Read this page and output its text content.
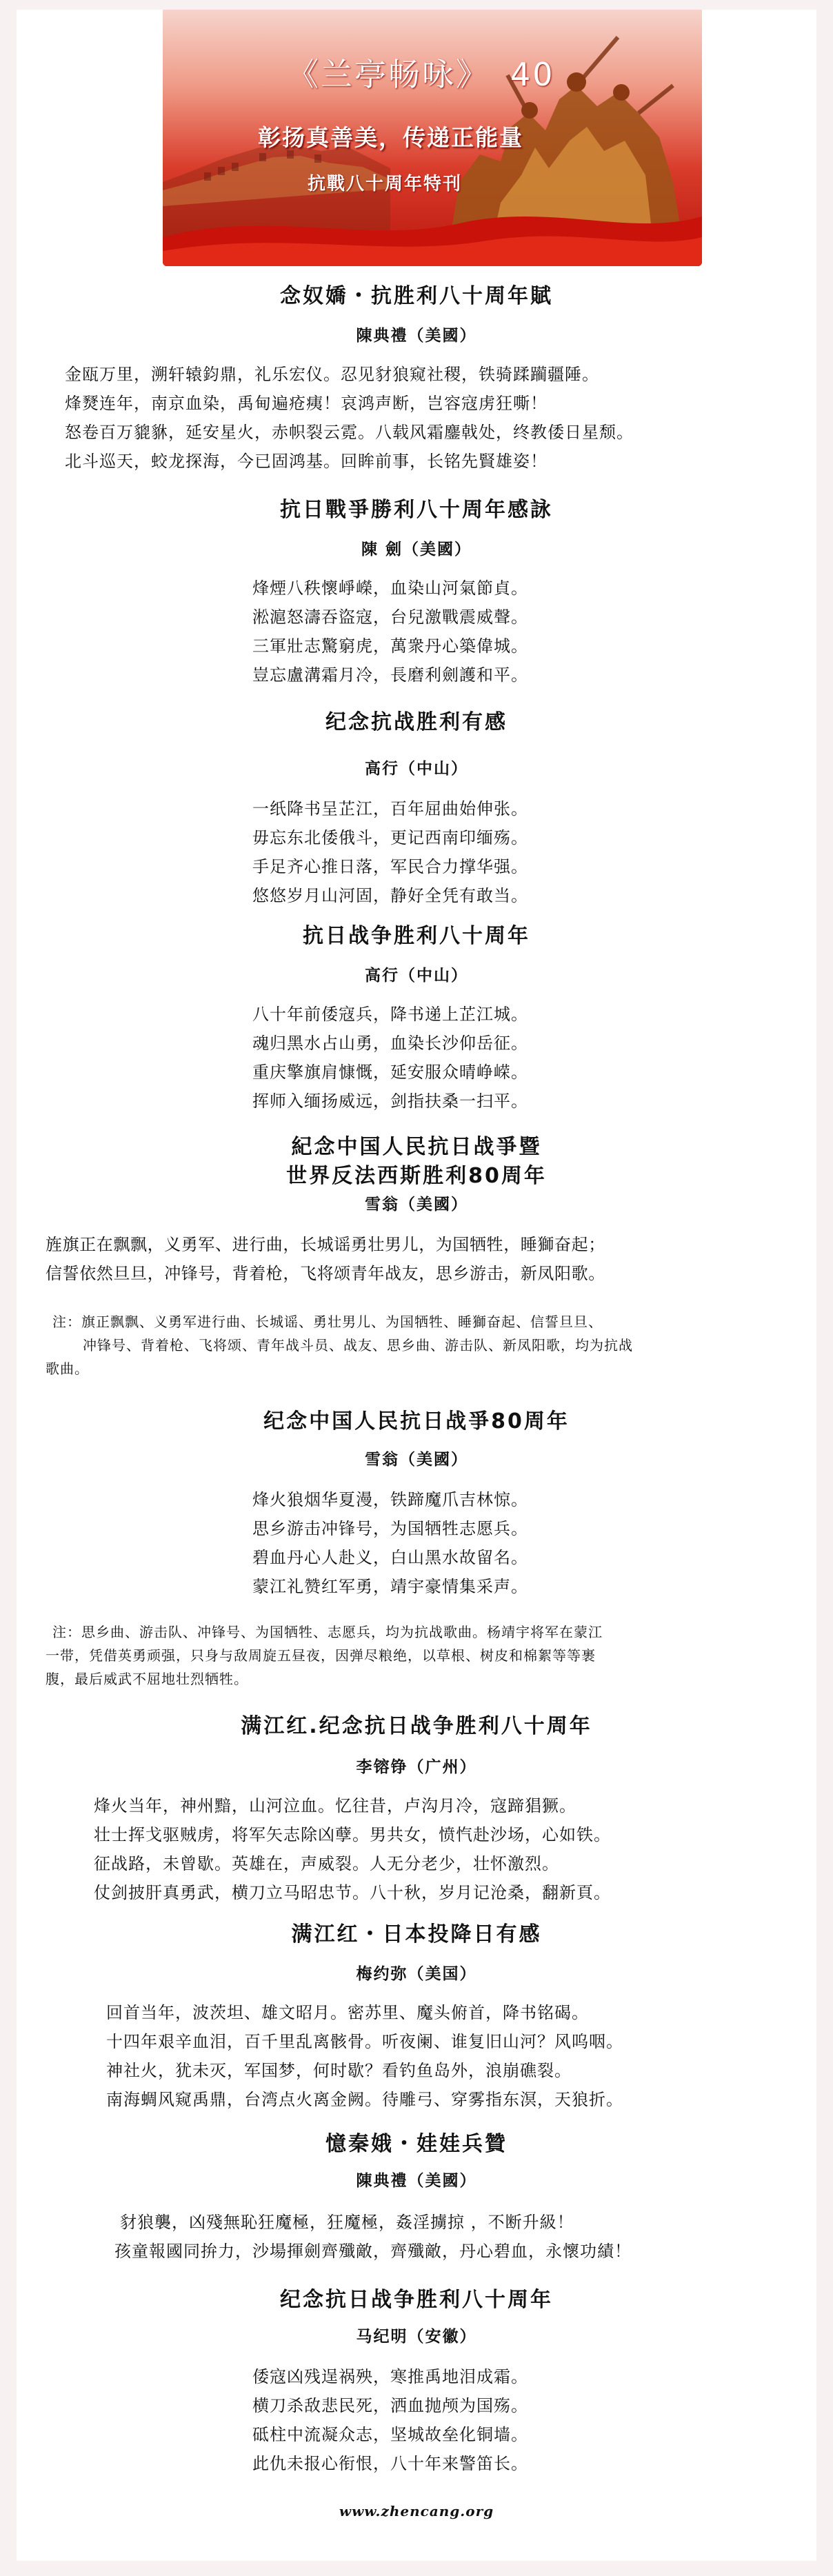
《兰亭畅咏》 40
彰扬真善美，传递正能量
抗戰八十周年特刊
念奴嬌・抗胜利八十周年賦
陳典禮（美國）
金瓯万里，溯轩辕鈞鼎，礼乐宏仪。忍见豺狼窥社稷，铁骑蹂躏疆陲。
烽燹连年，南京血染，禹甸遍疮痍！哀鸿声断，岂容寇虏狂嘶！
怒卷百万貔貅，延安星火，赤帜裂云霓。八载风霜鏖戟处，终教倭日星颓。
北斗巡天，蛟龙探海，今已固鸿基。回眸前事，长铭先賢雄姿！
抗日戰爭勝利八十周年感詠
陳 劍（美國）
烽煙八秩懷崢嶸，血染山河氣節貞。
淞滬怒濤吞盜寇，台兒激戰震威聲。
三軍壯志驚窮虎，萬衆丹心築偉城。
豈忘盧溝霜月冷，長磨利劍護和平。
纪念抗战胜利有感
高行（中山）
一纸降书呈芷江，百年屈曲始伸张。
毋忘东北倭俄斗，更记西南印缅殇。
手足齐心推日落，军民合力撑华强。
悠悠岁月山河固，静好全凭有敢当。
抗日战争胜利八十周年
高行（中山）
八十年前倭寇兵，降书递上芷江城。
魂归黑水占山勇，血染长沙仰岳征。
重庆擎旗肩慷慨，延安服众晴峥嵘。
挥师入缅扬威远，剑指扶桑一扫平。
紀念中国人民抗日战爭暨
世界反法西斯胜利80周年
雪翁（美國）
旌旗正在飘飘，义勇军、进行曲，长城谣勇壮男儿，为国牺牲，睡獅奋起；
信誓依然旦旦，冲锋号，背着枪，飞将颂青年战友，思乡游击，新凤阳歌。
注：旗正飘飘、义勇军进行曲、长城谣、勇壮男儿、为国牺牲、睡獅奋起、信誓旦旦、
冲锋号、背着枪、飞将颂、青年战斗员、战友、思乡曲、游击队、新凤阳歌，均为抗战
歌曲。
纪念中国人民抗日战爭80周年
雪翁（美國）
烽火狼烟华夏漫，铁蹄魔爪吉林惊。
思乡游击冲锋号，为国牺牲志愿兵。
碧血丹心人赴义，白山黑水故留名。
蒙江礼赞红军勇，靖宇豪情集采声。
注：思乡曲、游击队、冲锋号、为国牺牲、志愿兵，均为抗战歌曲。杨靖宇将军在蒙江
一带，凭借英勇顽强，只身与敌周旋五昼夜，因弹尽粮绝，以草根、树皮和棉絮等等裹
腹，最后威武不屈地壮烈牺牲。
满江红.纪念抗日战争胜利八十周年
李镕铮（广州）
烽火当年，神州黯，山河泣血。忆往昔，卢沟月冷，寇蹄猖獗。
壮士挥戈驱贼虏，将军矢志除凶孽。男共女，愤忾赴沙场，心如铁。
征战路，未曾歇。英雄在，声威裂。人无分老少，壮怀激烈。
仗剑披肝真勇武，横刀立马昭忠节。八十秋，岁月记沧桑，翻新頁。
满江红・日本投降日有感
梅约弥（美国）
回首当年，波茨坦、雄文昭月。密苏里、魔头俯首，降书铭碣。
十四年艰辛血泪，百千里乱离骸骨。听夜阑、谁复旧山河？风呜咽。
神社火，犹未灭，军国梦，何时歇？看钓鱼岛外，浪崩礁裂。
南海蜩风窥禹鼎，台湾点火离金阙。待雕弓、穿雾指东溟，天狼折。
憶秦娥・娃娃兵贊
陳典禮（美國）
豺狼襲，凶殘無恥狂魔極，狂魔極，姦淫擄掠 ，不断升級！
孩童報國同拚力，沙場揮劍齊殲敵，齊殲敵，丹心碧血，永懷功績！
纪念抗日战争胜利八十周年
马纪明（安徽）
倭寇凶残逞祸殃，寒推禹地泪成霜。
横刀杀敌悲民死，洒血抛颅为国殇。
砥柱中流凝众志，坚城故垒化铜墙。
此仇未报心衔恨，八十年来警笛长。
www.zhencang.org
